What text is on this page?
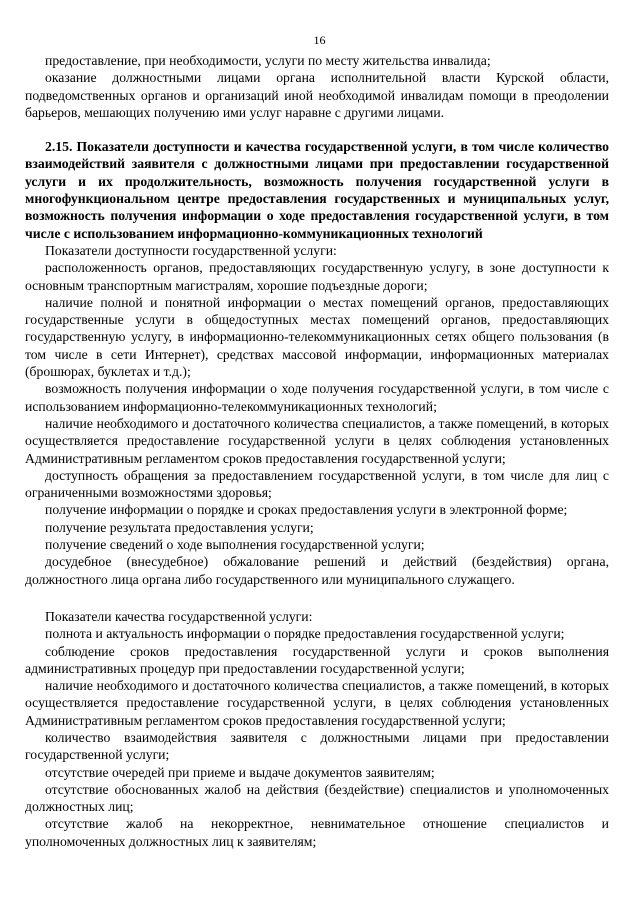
16

предоставление, при необходимости, услуги по месту жительства инвалида;

оказание должностными лицами органа исполнительной власти Курской области, подведомственных органов и организаций иной необходимой инвалидам помощи в преодолении барьеров, мешающих получению ими услуг наравне с другими лицами.

2.15. Показатели доступности и качества государственной услуги, в том числе количество взаимодействий заявителя с должностными лицами при предоставлении государственной услуги и их продолжительность, возможность получения государственной услуги в многофункциональном центре предоставления государственных и муниципальных услуг, возможность получения информации о ходе предоставления государственной услуги, в том числе с использованием информационно-коммуникационных технологий

Показатели доступности государственной услуги:

расположенность органов, предоставляющих государственную услугу, в зоне доступности к основным транспортным магистралям, хорошие подъездные дороги;

наличие полной и понятной информации о местах помещений органов, предоставляющих государственные услуги в общедоступных местах помещений органов, предоставляющих государственную услугу, в информационно-телекоммуникационных сетях общего пользования (в том числе в сети Интернет), средствах массовой информации, информационных материалах (брошюрах, буклетах и т.д.);

возможность получения информации о ходе получения государственной услуги, в том числе с использованием информационно-телекоммуникационных технологий;

наличие необходимого и достаточного количества специалистов, а также помещений, в которых осуществляется предоставление государственной услуги в целях соблюдения установленных Административным регламентом сроков предоставления государственной услуги;

доступность обращения за предоставлением государственной услуги, в том числе для лиц с ограниченными возможностями здоровья;

получение информации о порядке и сроках предоставления услуги в электронной форме;

получение результата предоставления услуги;

получение сведений о ходе выполнения государственной услуги;

досудебное (внесудебное) обжалование решений и действий (бездействия) органа, должностного лица органа либо государственного или муниципального служащего.

Показатели качества государственной услуги:

полнота и актуальность информации о порядке предоставления государственной услуги;

соблюдение сроков предоставления государственной услуги и сроков выполнения административных процедур при предоставлении государственной услуги;

наличие необходимого и достаточного количества специалистов, а также помещений, в которых осуществляется предоставление государственной услуги, в целях соблюдения установленных Административным регламентом сроков предоставления государственной услуги;

количество взаимодействия заявителя с должностными лицами при предоставлении государственной услуги;

отсутствие очередей при приеме и выдаче документов заявителям;

отсутствие обоснованных жалоб на действия (бездействие) специалистов и уполномоченных должностных лиц;

отсутствие жалоб на некорректное, невнимательное отношение специалистов и уполномоченных должностных лиц к заявителям;
